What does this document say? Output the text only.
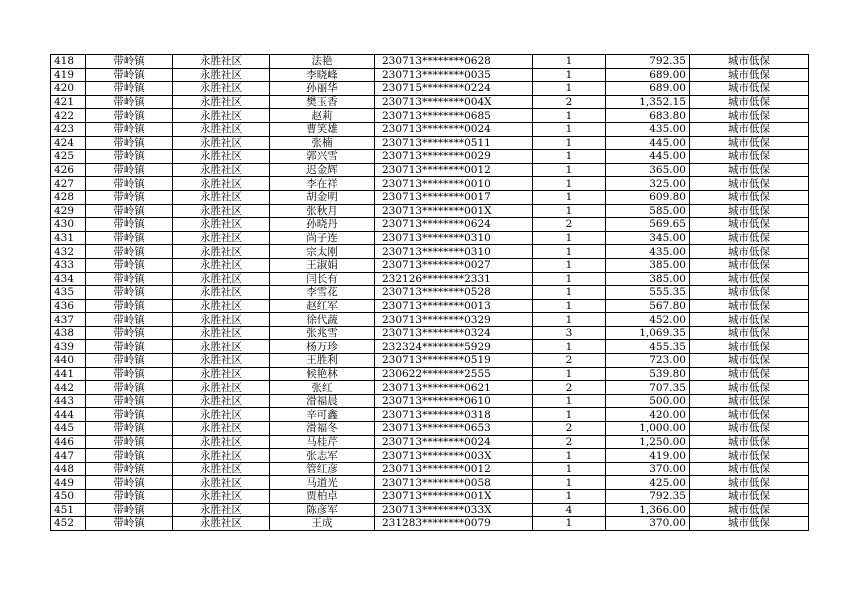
418	带岭镇	永胜社区	法艳	230713********0628	1	792.35	城市低保
419	带岭镇	永胜社区	李晓峰	230713********0035	1	689.00	城市低保
420	带岭镇	永胜社区	孙丽华	230715********0224	1	689.00	城市低保
421	带岭镇	永胜社区	樊玉香	230713********004X	2	1,352.15	城市低保
422	带岭镇	永胜社区	赵莉	230713********0685	1	683.80	城市低保
423	带岭镇	永胜社区	曹笑雄	230713********0024	1	435.00	城市低保
424	带岭镇	永胜社区	张楠	230713********0511	1	445.00	城市低保
425	带岭镇	永胜社区	郭兴雪	230713********0029	1	445.00	城市低保
426	带岭镇	永胜社区	迟金辉	230713********0012	1	365.00	城市低保
427	带岭镇	永胜社区	李在祥	230713********0010	1	325.00	城市低保
428	带岭镇	永胜社区	胡金明	230713********0017	1	609.80	城市低保
429	带岭镇	永胜社区	张秋月	230713********001X	1	585.00	城市低保
430	带岭镇	永胜社区	孙晓丹	230713********0624	2	569.65	城市低保
431	带岭镇	永胜社区	尚子连	230713********0310	1	345.00	城市低保
432	带岭镇	永胜社区	宗太刚	230713********0310	1	435.00	城市低保
433	带岭镇	永胜社区	王淑娟	230713********0027	1	385.00	城市低保
434	带岭镇	永胜社区	闫长有	232126********2331	1	385.00	城市低保
435	带岭镇	永胜社区	李雪花	230713********0528	1	555.35	城市低保
436	带岭镇	永胜社区	赵红军	230713********0013	1	567.80	城市低保
437	带岭镇	永胜社区	徐代蔬	230713********0329	1	452.00	城市低保
438	带岭镇	永胜社区	张兆雪	230713********0324	3	1,069.35	城市低保
439	带岭镇	永胜社区	杨万珍	232324********5929	1	455.35	城市低保
440	带岭镇	永胜社区	王胜利	230713********0519	2	723.00	城市低保
441	带岭镇	永胜社区	候艳林	230622********2555	1	539.80	城市低保
442	带岭镇	永胜社区	张红	230713********0621	2	707.35	城市低保
443	带岭镇	永胜社区	滑福晨	230713********0610	1	500.00	城市低保
444	带岭镇	永胜社区	辛可鑫	230713********0318	1	420.00	城市低保
445	带岭镇	永胜社区	滑福冬	230713********0653	2	1,000.00	城市低保
446	带岭镇	永胜社区	马桂芹	230713********0024	2	1,250.00	城市低保
447	带岭镇	永胜社区	张志军	230713********003X	1	419.00	城市低保
448	带岭镇	永胜社区	管红彦	230713********0012	1	370.00	城市低保
449	带岭镇	永胜社区	马道光	230713********0058	1	425.00	城市低保
450	带岭镇	永胜社区	贾柏卓	230713********001X	1	792.35	城市低保
451	带岭镇	永胜社区	陈彦军	230713********033X	4	1,366.00	城市低保
452	带岭镇	永胜社区	王成	231283********0079	1	370.00	城市低保
